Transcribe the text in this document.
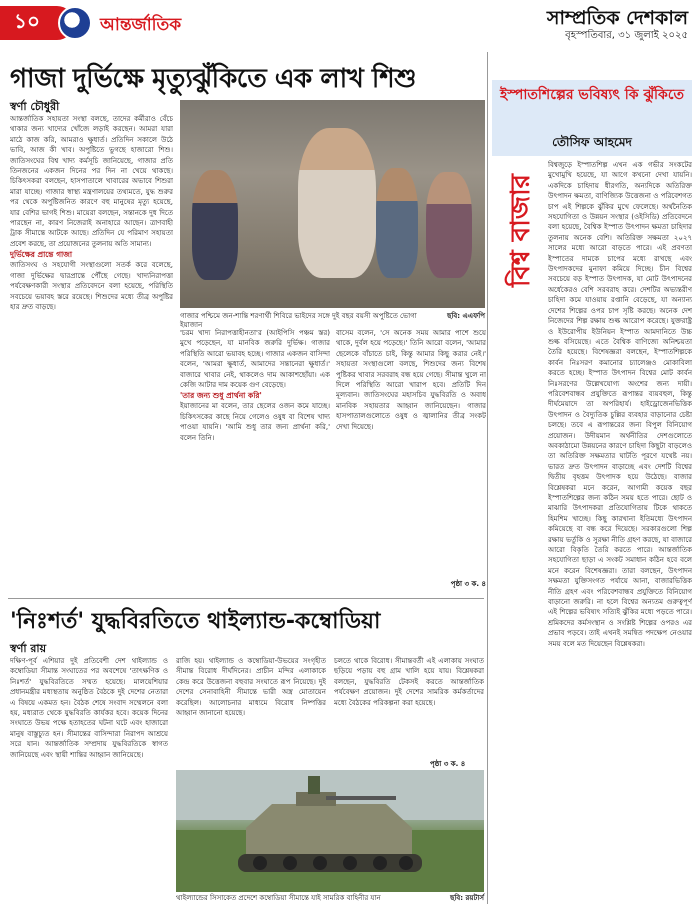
১০	আন্তর্জাতিক	সাম্প্রতিক দেশকাল
বৃহস্পতিবার, ৩১ জুলাই ২০২৫
গাজা দুর্ভিক্ষে মৃত্যুঝুঁকিতে এক লাখ শিশু
স্বর্ণা চৌধুরী

আন্তর্জাতিক সহায়তা সংস্থা বলছে, তাদের কর্মীরাও বেঁচে থাকার জন্য খাদ্যের খোঁজে লড়াই করছেন। আমরা যারা মাঠে কাজ করি, আমরাও ক্ষুধার্ত। প্রতিদিন সকালে উঠে ভাবি, আজ কী খাব। অপুষ্টিতে ভুগছে হাজারো শিশু। জাতিসংঘের বিশ্ব খাদ্য কর্মসূচি জানিয়েছে, গাজার প্রতি তিনজনের একজন দিনের পর দিন না খেয়ে থাকছে। চিকিৎসকরা বলছেন, হাসপাতালে খাবারের অভাবে শিশুরা মারা যাচ্ছে। গাজার স্বাস্থ্য মন্ত্রণালয়ের তথ্যমতে, যুদ্ধ শুরুর পর থেকে অপুষ্টিজনিত কারণে বহু মানুষের মৃত্যু হয়েছে, যার বেশির ভাগই শিশু। মায়েরা বলছেন, সন্তানকে দুধ দিতে পারছেন না, কারণ নিজেরাই অনাহারে আছেন। ত্রাণবাহী ট্রাক সীমান্তে আটকে আছে। প্রতিদিন যে পরিমাণ সহায়তা প্রবেশ করছে, তা প্রয়োজনের তুলনায় অতি সামান্য।

দুর্ভিক্ষের প্রান্তে গাজা

জাতিসংঘ ও সহযোগী সংস্থাগুলো সতর্ক করে বলেছে, গাজা দুর্ভিক্ষের দ্বারপ্রান্তে পৌঁছে গেছে। খাদ্যনিরাপত্তা পর্যবেক্ষণকারী সংস্থার প্রতিবেদনে বলা হয়েছে, পরিস্থিতি সবচেয়ে ভয়াবহ স্তরে রয়েছে। শিশুদের মধ্যে তীব্র অপুষ্টির হার দ্রুত বাড়ছে।

গাজার পশ্চিমে জন-শান্তি শরণার্থী শিবিরে ভাইদের সঙ্গে দুই বছর বয়সী অপুষ্টিতে ভোগা ইয়াজান
ছবি: এএফপি

'চরম খাদ্য নিরাপত্তাহীনতা'র (আইপিসি পঞ্চম স্তর) মুখে পড়েছেন, যা মানবিক জরুরি দুর্ভিক্ষ। গাজার পরিস্থিতি আরো ভয়াবহ হচ্ছে। গাজার একজন বাসিন্দা বলেন, 'আমরা ক্ষুধার্ত, আমাদের সন্তানেরা ক্ষুধার্ত।' বাজারে খাবার নেই, থাকলেও দাম আকাশছোঁয়া। এক কেজি আটার দাম কয়েক গুণ বেড়েছে।

'তার জন্য শুধু প্রার্থনা করি'

ইয়াজানের মা বলেন, তার ছেলের ওজন কমে যাচ্ছে। চিকিৎসকের কাছে নিয়ে গেলেও ওষুধ বা বিশেষ খাদ্য পাওয়া যায়নি। 'আমি শুধু তার জন্য প্রার্থনা করি,' বলেন তিনি।

বাসেম বলেন, 'সে অনেক সময় আমার পাশে শুয়ে থাকে, দুর্বল হয়ে পড়েছে।' তিনি আরো বলেন, 'আমার ছেলেকে বাঁচাতে চাই, কিন্তু আমার কিছু করার নেই।' সহায়তা সংস্থাগুলো বলছে, শিশুদের জন্য বিশেষ পুষ্টিকর খাবার সরবরাহ বন্ধ হয়ে গেছে। সীমান্ত খুলে না দিলে পরিস্থিতি আরো খারাপ হবে। প্রতিটি দিন মূল্যবান। জাতিসংঘের মহাসচিব যুদ্ধবিরতি ও অবাধ মানবিক সহায়তার আহ্বান জানিয়েছেন। গাজার হাসপাতালগুলোতে ওষুধ ও জ্বালানির তীব্র সংকট দেখা দিয়েছে।

পৃষ্ঠা ৩ ক. ৪
'নিঃশর্ত' যুদ্ধবিরতিতে থাইল্যান্ড-কম্বোডিয়া
স্বর্ণা রায়

দক্ষিণ-পূর্ব এশিয়ার দুই প্রতিবেশী দেশ থাইল্যান্ড ও কম্বোডিয়া সীমান্ত সংঘাতের পর অবশেষে 'তাৎক্ষণিক ও নিঃশর্ত' যুদ্ধবিরতিতে সম্মত হয়েছে। মালয়েশিয়ার প্রধানমন্ত্রীর মধ্যস্থতায় অনুষ্ঠিত বৈঠকে দুই দেশের নেতারা এ বিষয়ে একমত হন। বৈঠক শেষে সংবাদ সম্মেলনে বলা হয়, মধ্যরাত থেকে যুদ্ধবিরতি কার্যকর হবে। কয়েক দিনের সংঘাতে উভয় পক্ষে হতাহতের ঘটনা ঘটে এবং হাজারো মানুষ বাস্তুচ্যুত হন। সীমান্তের বাসিন্দারা নিরাপদ আশ্রয়ে সরে যান। আন্তর্জাতিক সম্প্রদায় যুদ্ধবিরতিকে স্বাগত জানিয়েছে এবং স্থায়ী শান্তির আহ্বান জানিয়েছে।

রাজি হয়। থাইল্যান্ড ও কম্বোডিয়া-উভয়ের সংগৃহীত সীমান্ত বিরোধ দীর্ঘদিনের। প্রাচীন মন্দির এলাকাকে কেন্দ্র করে উত্তেজনা বহুবার সংঘাতে রূপ নিয়েছে। দুই দেশের সেনাবাহিনী সীমান্তে ভারী অস্ত্র মোতায়েন করেছিল। আলোচনার মাধ্যমে বিরোধ নিষ্পত্তির আহ্বান জানানো হয়েছে।

চলতে থাকে বিরোধ। সীমান্তবর্তী এই এলাকায় সংঘাত ছড়িয়ে পড়ায় বহু গ্রাম খালি হয়ে যায়। বিশ্লেষকরা বলছেন, যুদ্ধবিরতি টেকসই করতে আন্তর্জাতিক পর্যবেক্ষণ প্রয়োজন। দুই দেশের সামরিক কর্মকর্তাদের মধ্যে বৈঠকের পরিকল্পনা করা হয়েছে।

পৃষ্ঠা ৩ ক. ৪
থাইল্যান্ডের সিসাকেত প্রদেশে কম্বোডিয়া সীমান্তে যাই সামরিক বাহিনীর যান	ছবি: রয়টার্স
ইস্পাতশিল্পের ভবিষ্যৎ কি ঝুঁকিতে
তৌসিফ আহমেদ

বিশ্বজুড়ে ইস্পাতশিল্প এখন এক গভীর সংকটের মুখোমুখি হয়েছে, যা আগে কখনো দেখা যায়নি। একদিকে চাহিদায় ধীরগতি, অন্যদিকে অতিরিক্ত উৎপাদন ক্ষমতা, বাণিজ্যিক উত্তেজনা ও পরিবেশগত চাপ এই শিল্পকে ঝুঁকির মুখে ফেলেছে। অর্থনৈতিক সহযোগিতা ও উন্নয়ন সংস্থার (ওইসিডি) প্রতিবেদনে বলা হয়েছে, বৈশ্বিক ইস্পাত উৎপাদন ক্ষমতা চাহিদার তুলনায় অনেক বেশি। অতিরিক্ত সক্ষমতা ২০২৭ সালের মধ্যে আরো বাড়তে পারে। এই প্রবণতা ইস্পাতের দামকে চাপের মধ্যে রাখছে এবং উৎপাদকদের মুনাফা কমিয়ে দিচ্ছে। চীন বিশ্বের সবচেয়ে বড় ইস্পাত উৎপাদক, যা মোট উৎপাদনের অর্ধেকেরও বেশি সরবরাহ করে। দেশটির অভ্যন্তরীণ চাহিদা কমে যাওয়ায় রপ্তানি বেড়েছে, যা অন্যান্য দেশের শিল্পের ওপর চাপ সৃষ্টি করছে। অনেক দেশ নিজেদের শিল্প রক্ষায় শুল্ক আরোপ করেছে। যুক্তরাষ্ট্র ও ইউরোপীয় ইউনিয়ন ইস্পাত আমদানিতে উচ্চ শুল্ক বসিয়েছে। এতে বৈশ্বিক বাণিজ্যে অনিশ্চয়তা তৈরি হয়েছে। বিশেষজ্ঞরা বলছেন, ইস্পাতশিল্পকে কার্বন নিঃসরণ কমানোর চ্যালেঞ্জও মোকাবিলা করতে হচ্ছে। ইস্পাত উৎপাদন বিশ্বের মোট কার্বন নিঃসরণের উল্লেখযোগ্য অংশের জন্য দায়ী। পরিবেশবান্ধব প্রযুক্তিতে রূপান্তর ব্যয়বহুল, কিন্তু দীর্ঘমেয়াদে তা অপরিহার্য। হাইড্রোজেনভিত্তিক উৎপাদন ও বৈদ্যুতিক চুল্লির ব্যবহার বাড়ানোর চেষ্টা চলছে। তবে এ রূপান্তরের জন্য বিপুল বিনিয়োগ প্রয়োজন। উদীয়মান অর্থনীতির দেশগুলোতে অবকাঠামো উন্নয়নের কারণে চাহিদা কিছুটা বাড়লেও তা অতিরিক্ত সক্ষমতার ঘাটতি পূরণে যথেষ্ট নয়। ভারত দ্রুত উৎপাদন বাড়াচ্ছে এবং দেশটি বিশ্বের দ্বিতীয় বৃহত্তম উৎপাদক হয়ে উঠেছে। বাজার বিশ্লেষকরা মনে করেন, আগামী কয়েক বছর ইস্পাতশিল্পের জন্য কঠিন সময় হতে পারে। ছোট ও মাঝারি উৎপাদকরা প্রতিযোগিতায় টিকে থাকতে হিমশিম খাচ্ছে। কিছু কারখানা ইতিমধ্যে উৎপাদন কমিয়েছে বা বন্ধ করে দিয়েছে। সরকারগুলো শিল্প রক্ষায় ভর্তুকি ও সুরক্ষা নীতি গ্রহণ করছে, যা বাজারে আরো বিকৃতি তৈরি করতে পারে। আন্তর্জাতিক সহযোগিতা ছাড়া এ সংকট সমাধান কঠিন হবে বলে মনে করেন বিশেষজ্ঞরা। তারা বলছেন, উৎপাদন সক্ষমতা যুক্তিসংগত পর্যায়ে আনা, বাজারভিত্তিক নীতি গ্রহণ এবং পরিবেশবান্ধব প্রযুক্তিতে বিনিয়োগ বাড়ানো জরুরি। না হলে বিশ্বের অন্যতম গুরুত্বপূর্ণ এই শিল্পের ভবিষ্যৎ সত্যিই ঝুঁকির মধ্যে পড়তে পারে। শ্রমিকদের কর্মসংস্থান ও সংশ্লিষ্ট শিল্পের ওপরও এর প্রভাব পড়বে। তাই এখনই সমন্বিত পদক্ষেপ নেওয়ার সময় বলে মত দিয়েছেন বিশ্লেষকরা।

বিশ্ব বাজার
